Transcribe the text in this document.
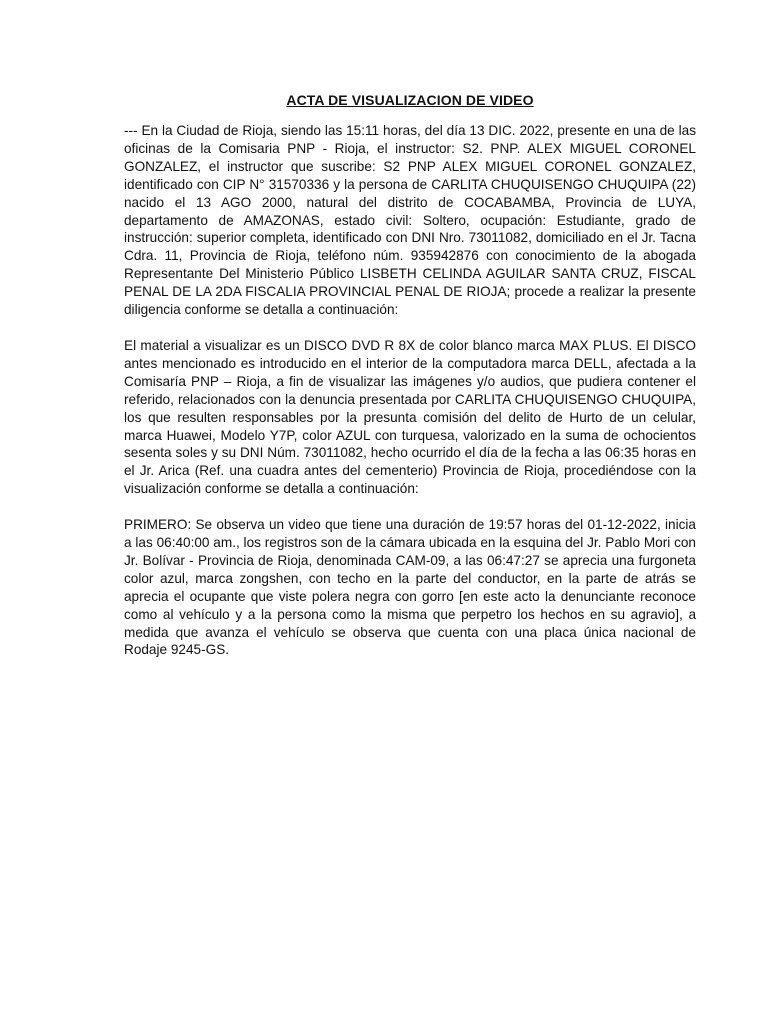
ACTA DE VISUALIZACION DE VIDEO

--- En la Ciudad de Rioja, siendo las 15:11 horas, del día 13 DIC. 2022, presente en una de las oficinas de la Comisaria PNP - Rioja, el instructor: S2. PNP. ALEX MIGUEL CORONEL GONZALEZ, el instructor que suscribe: S2 PNP ALEX MIGUEL CORONEL GONZALEZ, identificado con CIP N° 31570336 y la persona de CARLITA CHUQUISENGO CHUQUIPA (22) nacido el 13 AGO 2000, natural del distrito de COCABAMBA, Provincia de LUYA, departamento de AMAZONAS, estado civil: Soltero, ocupación: Estudiante, grado de instrucción: superior completa, identificado con DNI Nro. 73011082, domiciliado en el Jr. Tacna Cdra. 11, Provincia de Rioja, teléfono núm. 935942876 con conocimiento de la abogada Representante Del Ministerio Público LISBETH CELINDA AGUILAR SANTA CRUZ, FISCAL PENAL DE LA 2DA FISCALIA PROVINCIAL PENAL DE RIOJA; procede a realizar la presente diligencia conforme se detalla a continuación:

El material a visualizar es un DISCO DVD R 8X de color blanco marca MAX PLUS. El DISCO antes mencionado es introducido en el interior de la computadora marca DELL, afectada a la Comisaría PNP – Rioja, a fin de visualizar las imágenes y/o audios, que pudiera contener el referido, relacionados con la denuncia presentada por CARLITA CHUQUISENGO CHUQUIPA, los que resulten responsables por la presunta comisión del delito de Hurto de un celular, marca Huawei, Modelo Y7P, color AZUL con turquesa, valorizado en la suma de ochocientos sesenta soles y su DNI Núm. 73011082, hecho ocurrido el día de la fecha a las 06:35 horas en el Jr. Arica (Ref. una cuadra antes del cementerio) Provincia de Rioja, procediéndose con la visualización conforme se detalla a continuación:

PRIMERO: Se observa un video que tiene una duración de 19:57 horas del 01-12-2022, inicia a las 06:40:00 am., los registros son de la cámara ubicada en la esquina del Jr. Pablo Mori con Jr. Bolívar - Provincia de Rioja, denominada CAM-09, a las 06:47:27 se aprecia una furgoneta color azul, marca zongshen, con techo en la parte del conductor, en la parte de atrás se aprecia el ocupante que viste polera negra con gorro [en este acto la denunciante reconoce como al vehículo y a la persona como la misma que perpetro los hechos en su agravio], a medida que avanza el vehículo se observa que cuenta con una placa única nacional de Rodaje 9245-GS.
